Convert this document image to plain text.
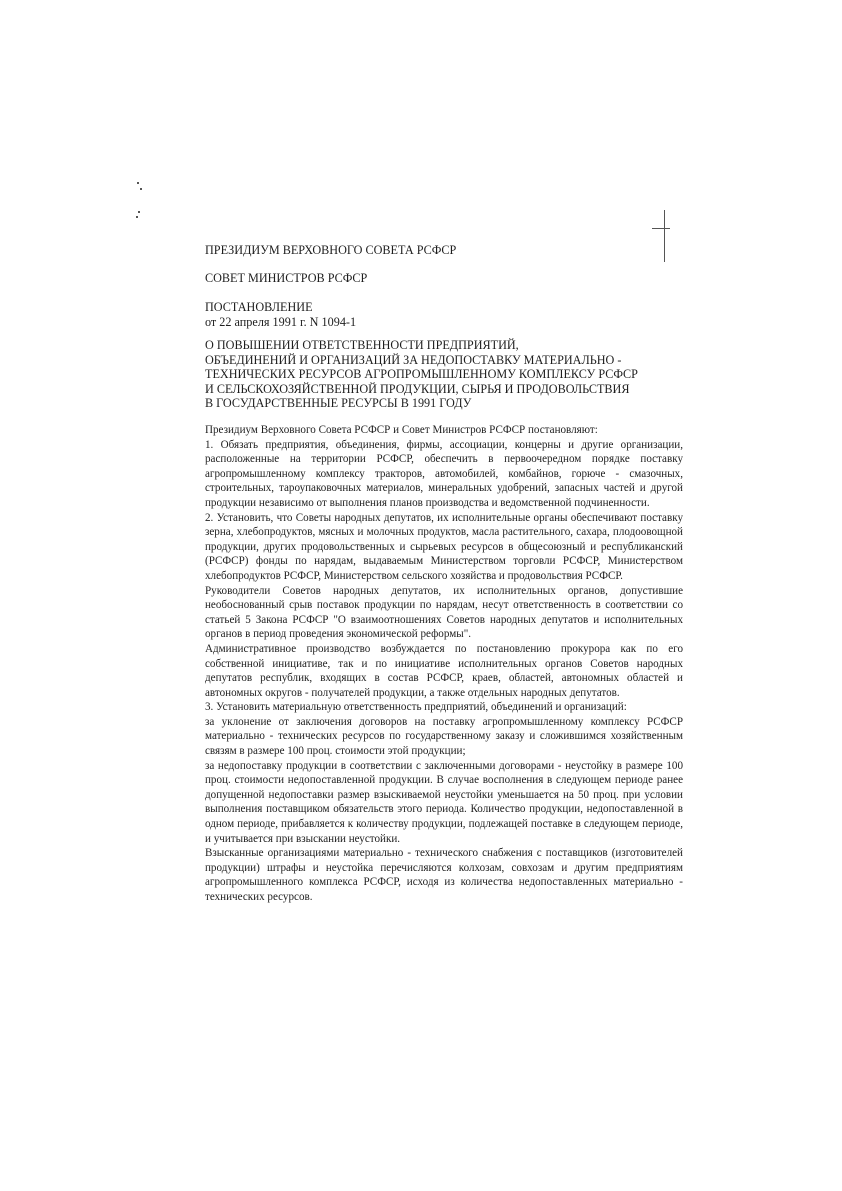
ПРЕЗИДИУМ ВЕРХОВНОГО СОВЕТА РСФСР
СОВЕТ МИНИСТРОВ РСФСР
ПОСТАНОВЛЕНИЕ
от 22 апреля 1991 г. N 1094-1
О ПОВЫШЕНИИ ОТВЕТСТВЕННОСТИ ПРЕДПРИЯТИЙ,
ОБЪЕДИНЕНИЙ И ОРГАНИЗАЦИЙ ЗА НЕДОПОСТАВКУ МАТЕРИАЛЬНО -
ТЕХНИЧЕСКИХ РЕСУРСОВ АГРОПРОМЫШЛЕННОМУ КОМПЛЕКСУ РСФСР
И СЕЛЬСКОХОЗЯЙСТВЕННОЙ ПРОДУКЦИИ, СЫРЬЯ И ПРОДОВОЛЬСТВИЯ
В ГОСУДАРСТВЕННЫЕ РЕСУРСЫ В 1991 ГОДУ

Президиум Верховного Совета РСФСР и Совет Министров РСФСР постановляют:

1. Обязать предприятия, объединения, фирмы, ассоциации, концерны и другие организации, расположенные на территории РСФСР, обеспечить в первоочередном порядке поставку агропромышленному комплексу тракторов, автомобилей, комбайнов, горюче - смазочных, строительных, тароупаковочных материалов, минеральных удобрений, запасных частей и другой продукции независимо от выполнения планов производства и ведомственной подчиненности.

2. Установить, что Советы народных депутатов, их исполнительные органы обеспечивают поставку зерна, хлебопродуктов, мясных и молочных продуктов, масла растительного, сахара, плодоовощной продукции, других продовольственных и сырьевых ресурсов в общесоюзный и республиканский (РСФСР) фонды по нарядам, выдаваемым Министерством торговли РСФСР, Министерством хлебопродуктов РСФСР, Министерством сельского хозяйства и продовольствия РСФСР.

Руководители Советов народных депутатов, их исполнительных органов, допустившие необоснованный срыв поставок продукции по нарядам, несут ответственность в соответствии со статьей 5 Закона РСФСР "О взаимоотношениях Советов народных депутатов и исполнительных органов в период проведения экономической реформы".

Административное производство возбуждается по постановлению прокурора как по его собственной инициативе, так и по инициативе исполнительных органов Советов народных депутатов республик, входящих в состав РСФСР, краев, областей, автономных областей и автономных округов - получателей продукции, а также отдельных народных депутатов.

3. Установить материальную ответственность предприятий, объединений и организаций:

за уклонение от заключения договоров на поставку агропромышленному комплексу РСФСР материально - технических ресурсов по государственному заказу и сложившимся хозяйственным связям в размере 100 проц. стоимости этой продукции;

за недопоставку продукции в соответствии с заключенными договорами - неустойку в размере 100 проц. стоимости недопоставленной продукции. В случае восполнения в следующем периоде ранее допущенной недопоставки размер взыскиваемой неустойки уменьшается на 50 проц. при условии выполнения поставщиком обязательств этого периода. Количество продукции, недопоставленной в одном периоде, прибавляется к количеству продукции, подлежащей поставке в следующем периоде, и учитывается при взыскании неустойки.

Взысканные организациями материально - технического снабжения с поставщиков (изготовителей продукции) штрафы и неустойка перечисляются колхозам, совхозам и другим предприятиям агропромышленного комплекса РСФСР, исходя из количества недопоставленных материально - технических ресурсов.
